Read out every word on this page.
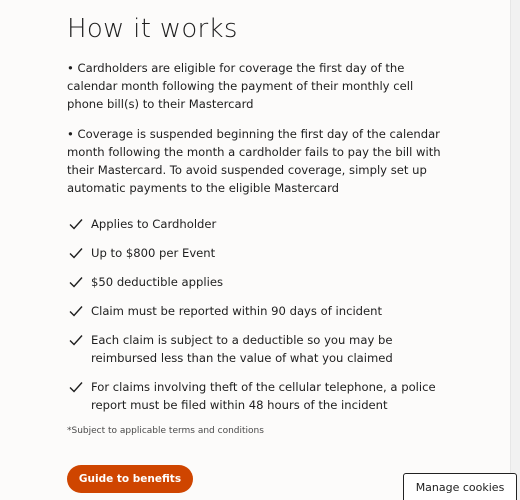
How it works

• Cardholders are eligible for coverage the first day of the calendar month following the payment of their monthly cell phone bill(s) to their Mastercard

• Coverage is suspended beginning the first day of the calendar month following the month a cardholder fails to pay the bill with their Mastercard. To avoid suspended coverage, simply set up automatic payments to the eligible Mastercard

Applies to Cardholder
Up to $800 per Event
$50 deductible applies
Claim must be reported within 90 days of incident
Each claim is subject to a deductible so you may be reimbursed less than the value of what you claimed
For claims involving theft of the cellular telephone, a police report must be filed within 48 hours of the incident

*Subject to applicable terms and conditions

Guide to benefits
Manage cookies
